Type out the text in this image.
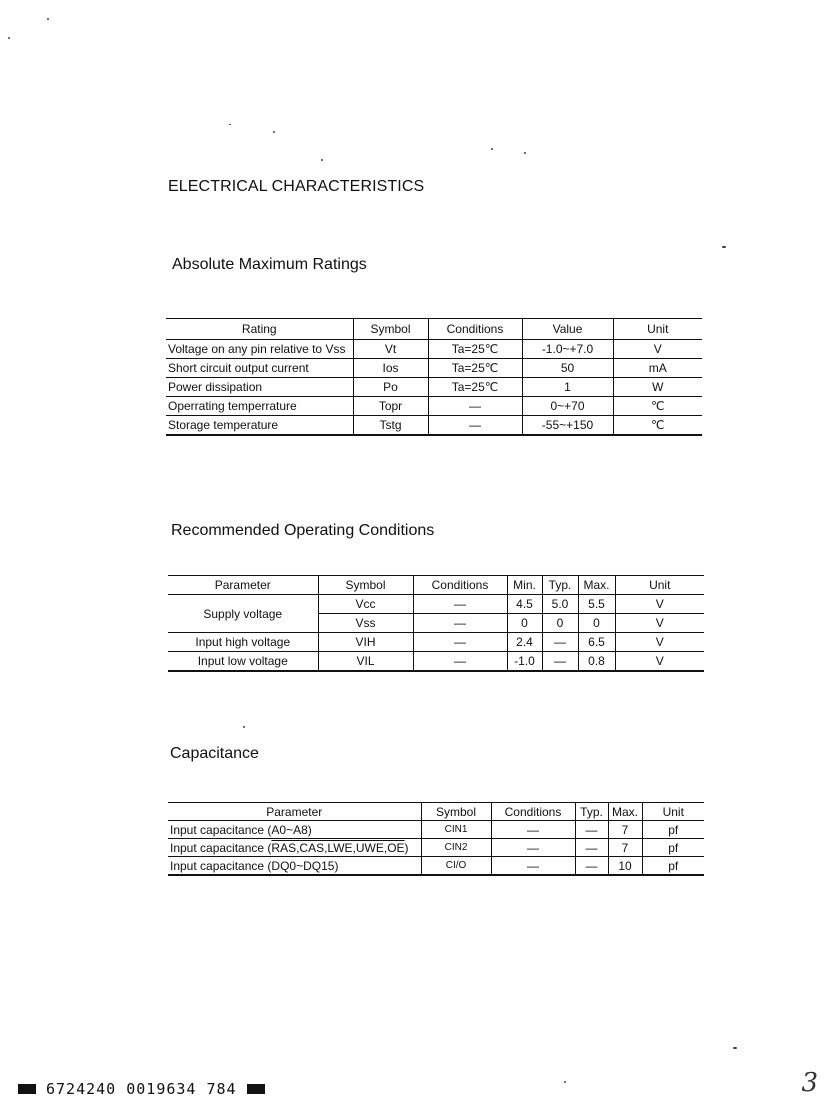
ELECTRICAL CHARACTERISTICS
Absolute Maximum Ratings
Rating	Symbol	Conditions	Value	Unit
Voltage on any pin relative to Vss	Vt	Ta=25℃	-1.0~+7.0	V
Short circuit output current	Ios	Ta=25℃	50	mA
Power dissipation	Po	Ta=25℃	1	W
Operrating temperrature	Topr	—	0~+70	℃
Storage temperature	Tstg	—	-55~+150	℃
Recommended Operating Conditions
Parameter	Symbol	Conditions	Min.	Typ.	Max.	Unit
Supply voltage	Vcc	—	4.5	5.0	5.5	V
	Vss	—	0	0	0	V
Input high voltage	VIH	—	2.4	—	6.5	V
Input low voltage	VIL	—	-1.0	—	0.8	V
Capacitance
Parameter	Symbol	Conditions	Typ.	Max.	Unit
Input capacitance (A0~A8)	CIN1	—	—	7	pf
Input capacitance (RAS,CAS,LWE,UWE,OE)	CIN2	—	—	7	pf
Input capacitance (DQ0~DQ15)	CI/O	—	—	10	pf
6724240 0019634 784	3
